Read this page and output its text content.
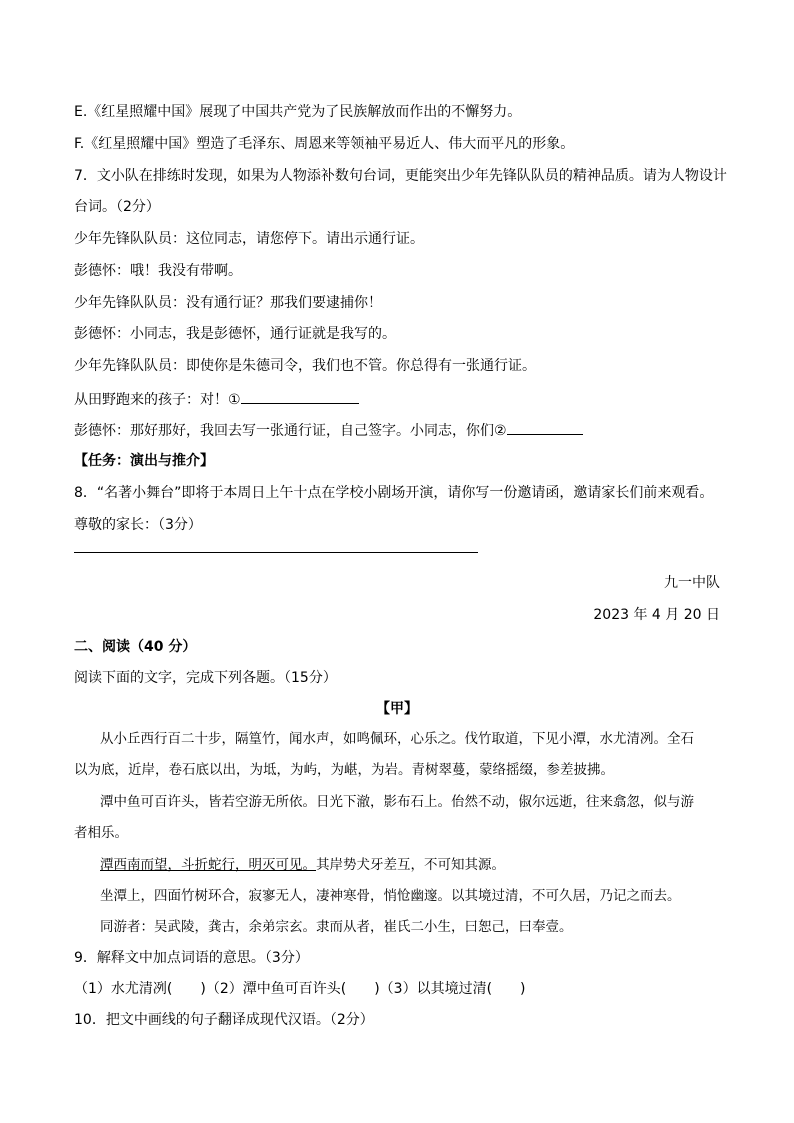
E.《红星照耀中国》展现了中国共产党为了民族解放而作出的不懈努力。
F.《红星照耀中国》塑造了毛泽东、周恩来等领袖平易近人、伟大而平凡的形象。
7．文小队在排练时发现，如果为人物添补数句台词，更能突出少年先锋队队员的精神品质。请为人物设计
台词。（2分）
少年先锋队队员：这位同志，请您停下。请出示通行证。
彭德怀：哦！我没有带啊。
少年先锋队队员：没有通行证？那我们要逮捕你！
彭德怀：小同志，我是彭德怀，通行证就是我写的。
少年先锋队队员：即使你是朱德司令，我们也不管。你总得有一张通行证。
从田野跑来的孩子：对！①
彭德怀：那好那好，我回去写一张通行证，自己签字。小同志，你们②
【任务：演出与推介】
8．“名著小舞台”即将于本周日上午十点在学校小剧场开演，请你写一份邀请函，邀请家长们前来观看。
尊敬的家长：（3分）
九一中队
2023 年 4 月 20 日
二、阅读（40 分）
阅读下面的文字，完成下列各题。（15分）
【甲】
从小丘西行百二十步，隔篁竹，闻水声，如鸣佩环，心乐之。伐竹取道，下见小潭，水尤清冽。全石
以为底，近岸，卷石底以出，为坻，为屿，为嵁，为岩。青树翠蔓，蒙络摇缀，参差披拂。
潭中鱼可百许头，皆若空游无所依。日光下澈，影布石上。佁然不动，俶尔远逝，往来翕忽，似与游
者相乐。
潭西南而望，斗折蛇行，明灭可见。其岸势犬牙差互，不可知其源。
坐潭上，四面竹树环合，寂寥无人，凄神寒骨，悄怆幽邃。以其境过清，不可久居，乃记之而去。
同游者：吴武陵，龚古，余弟宗玄。隶而从者，崔氏二小生，曰恕己，曰奉壹。
9．解释文中加点词语的意思。（3分）
（1）水尤清冽(　　)（2）潭中鱼可百许头(　　)（3）以其境过清(　　)
10．把文中画线的句子翻译成现代汉语。（2分）
